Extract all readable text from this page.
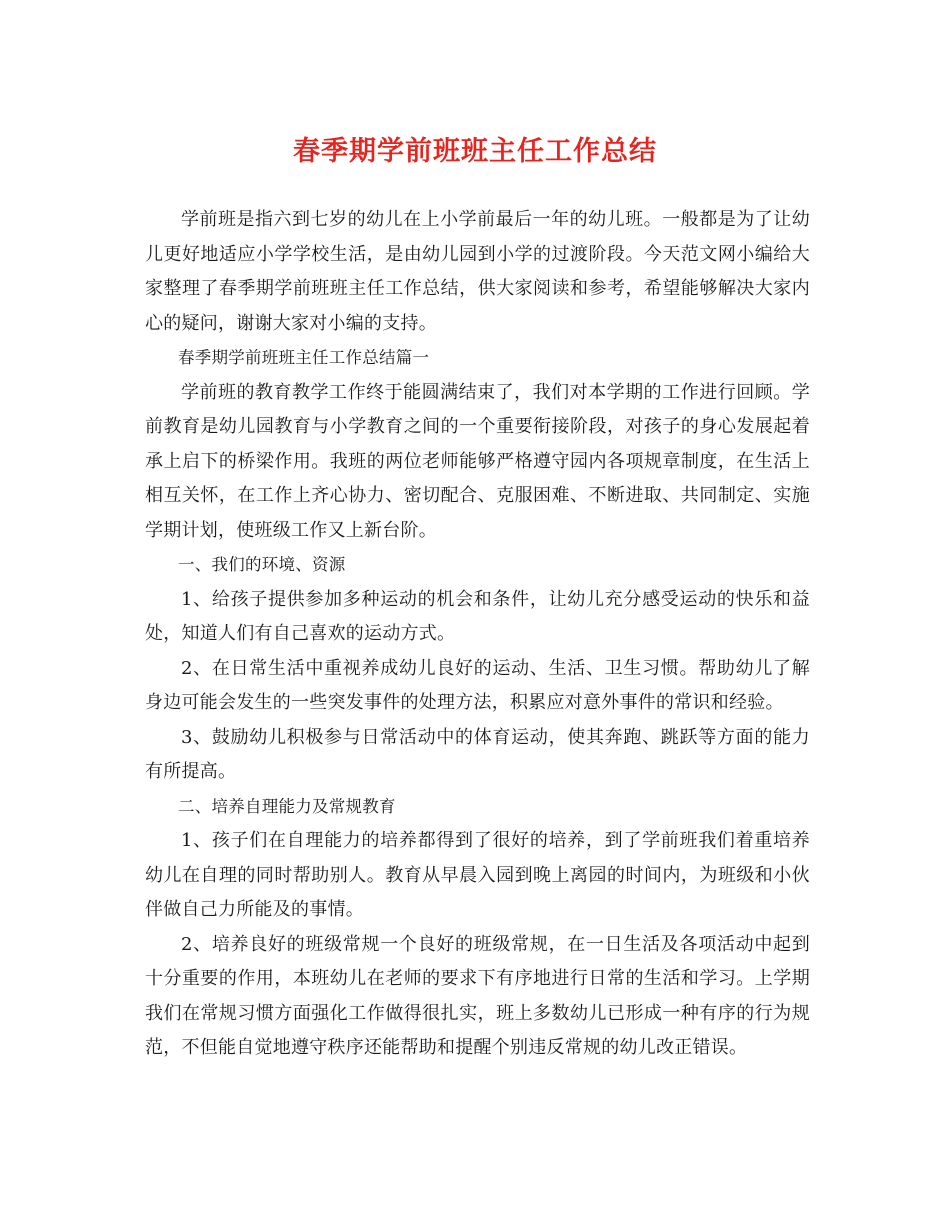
春季期学前班班主任工作总结

学前班是指六到七岁的幼儿在上小学前最后一年的幼儿班。一般都是为了让幼儿更好地适应小学学校生活，是由幼儿园到小学的过渡阶段。今天范文网小编给大家整理了春季期学前班班主任工作总结，供大家阅读和参考，希望能够解决大家内心的疑问，谢谢大家对小编的支持。

春季期学前班班主任工作总结篇一

学前班的教育教学工作终于能圆满结束了，我们对本学期的工作进行回顾。学前教育是幼儿园教育与小学教育之间的一个重要衔接阶段，对孩子的身心发展起着承上启下的桥梁作用。我班的两位老师能够严格遵守园内各项规章制度，在生活上相互关怀，在工作上齐心协力、密切配合、克服困难、不断进取、共同制定、实施学期计划，使班级工作又上新台阶。

一、我们的环境、资源

1、给孩子提供参加多种运动的机会和条件，让幼儿充分感受运动的快乐和益处，知道人们有自己喜欢的运动方式。

2、在日常生活中重视养成幼儿良好的运动、生活、卫生习惯。帮助幼儿了解身边可能会发生的一些突发事件的处理方法，积累应对意外事件的常识和经验。

3、鼓励幼儿积极参与日常活动中的体育运动，使其奔跑、跳跃等方面的能力有所提高。

二、培养自理能力及常规教育

1、孩子们在自理能力的培养都得到了很好的培养，到了学前班我们着重培养幼儿在自理的同时帮助别人。教育从早晨入园到晚上离园的时间内，为班级和小伙伴做自己力所能及的事情。

2、培养良好的班级常规一个良好的班级常规，在一日生活及各项活动中起到十分重要的作用，本班幼儿在老师的要求下有序地进行日常的生活和学习。上学期我们在常规习惯方面强化工作做得很扎实，班上多数幼儿已形成一种有序的行为规范，不但能自觉地遵守秩序还能帮助和提醒个别违反常规的幼儿改正错误。
